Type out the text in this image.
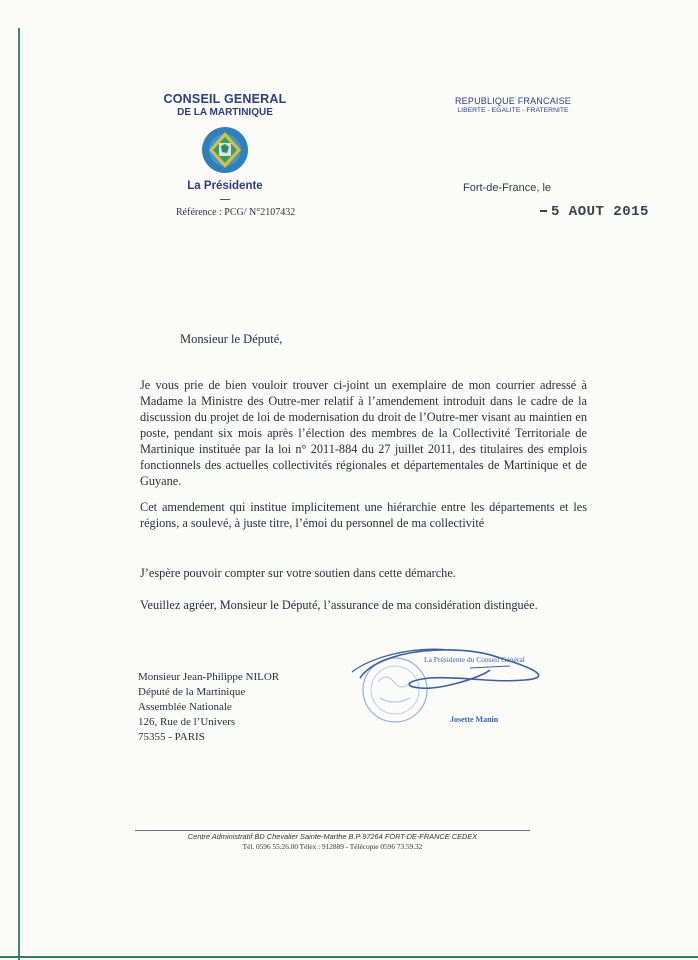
CONSEIL GENERAL
DE LA MARTINIQUE
La Présidente
Référence : PCG/ N°2107432
REPUBLIQUE FRANCAISE
LIBERTE - EGALITE - FRATERNITE
Fort-de-France, le
5 AOUT 2015
Monsieur le Député,
Je vous prie de bien vouloir trouver ci-joint un exemplaire de mon courrier adressé à Madame la Ministre des Outre-mer relatif à l’amendement introduit dans le cadre de la discussion du projet de loi de modernisation du droit de l’Outre-mer visant au maintien en poste, pendant six mois après l’élection des membres de la Collectivité Territoriale de Martinique instituée par la loi n° 2011-884 du 27 juillet 2011, des titulaires des emplois fonctionnels des actuelles collectivités régionales et départementales de Martinique et de Guyane.
Cet amendement qui institue implicitement une hiérarchie entre les départements et les régions, a soulevé, à juste titre, l’émoi du personnel de ma collectivité
J’espère pouvoir compter sur votre soutien dans cette démarche.
Veuillez agréer, Monsieur le Député, l’assurance de ma considération distinguée.
Monsieur Jean-Philippe NILOR
Député de la Martinique
Assemblée Nationale
126, Rue de l’Univers
75355 - PARIS
La Présidente du Conseil Général
Josette Manin
Centre Administratif BD Chevalier Sainte-Marthe B.P 97264 FORT-DE-FRANCE CEDEX
Tél. 0596 55.26.00 Télex : 912889 - Télécopie 0596 73.59.32
